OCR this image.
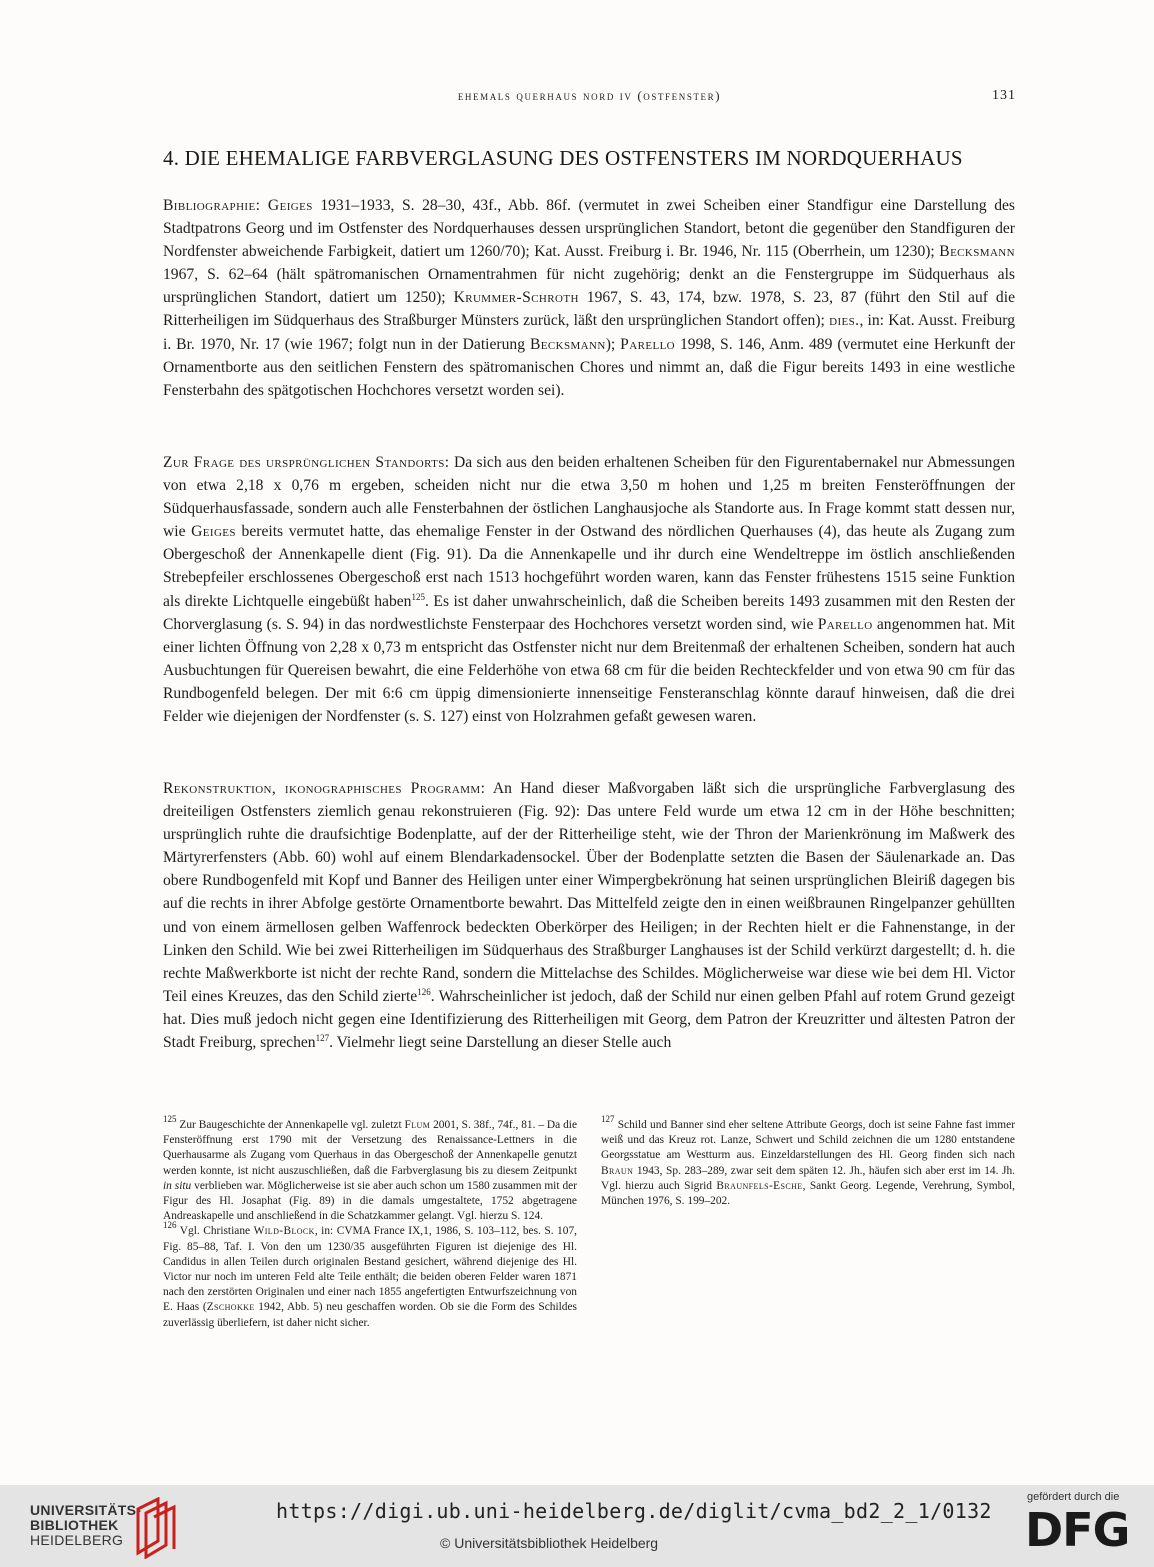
ehemals querhaus nord iv (ostfenster)	131
4. DIE EHEMALIGE FARBVERGLASUNG DES OSTFENSTERS IM NORDQUERHAUS

Bibliographie: Geiges 1931–1933, S. 28–30, 43f., Abb. 86f. (vermutet in zwei Scheiben einer Standfigur eine Darstellung des Stadtpatrons Georg und im Ostfenster des Nordquerhauses dessen ursprünglichen Standort, betont die gegenüber den Standfiguren der Nordfenster abweichende Farbigkeit, datiert um 1260/70); Kat. Ausst. Freiburg i. Br. 1946, Nr. 115 (Oberrhein, um 1230); Becksmann 1967, S. 62–64 (hält spätromanischen Ornamentrahmen für nicht zugehörig; denkt an die Fenstergruppe im Südquerhaus als ursprünglichen Standort, datiert um 1250); Krummer-Schroth 1967, S. 43, 174, bzw. 1978, S. 23, 87 (führt den Stil auf die Ritterheiligen im Südquerhaus des Straßburger Münsters zurück, läßt den ursprünglichen Standort offen); dies., in: Kat. Ausst. Freiburg i. Br. 1970, Nr. 17 (wie 1967; folgt nun in der Datierung Becksmann); Parello 1998, S. 146, Anm. 489 (vermutet eine Herkunft der Ornamentborte aus den seitlichen Fenstern des spätromanischen Chores und nimmt an, daß die Figur bereits 1493 in eine westliche Fensterbahn des spätgotischen Hochchores versetzt worden sei).

Zur Frage des ursprünglichen Standorts: Da sich aus den beiden erhaltenen Scheiben für den Figurentabernakel nur Abmessungen von etwa 2,18 x 0,76 m ergeben, scheiden nicht nur die etwa 3,50 m hohen und 1,25 m breiten Fensteröffnungen der Südquerhausfassade, sondern auch alle Fensterbahnen der östlichen Langhausjoche als Standorte aus. In Frage kommt statt dessen nur, wie Geiges bereits vermutet hatte, das ehemalige Fenster in der Ostwand des nördlichen Querhauses (4), das heute als Zugang zum Obergeschoß der Annenkapelle dient (Fig. 91). Da die Annenkapelle und ihr durch eine Wendeltreppe im östlich anschließenden Strebepfeiler erschlossenes Obergeschoß erst nach 1513 hochgeführt worden waren, kann das Fenster frühestens 1515 seine Funktion als direkte Lichtquelle eingebüßt haben$^{125}$. Es ist daher unwahrscheinlich, daß die Scheiben bereits 1493 zusammen mit den Resten der Chorverglasung (s. S. 94) in das nordwestlichste Fensterpaar des Hochchores versetzt worden sind, wie Parello angenommen hat. Mit einer lichten Öffnung von 2,28 x 0,73 m entspricht das Ostfenster nicht nur dem Breitenmaß der erhaltenen Scheiben, sondern hat auch Ausbuchtungen für Quereisen bewahrt, die eine Felderhöhe von etwa 68 cm für die beiden Rechteckfelder und von etwa 90 cm für das Rundbogenfeld belegen. Der mit 6:6 cm üppig dimensionierte innenseitige Fensteranschlag könnte darauf hinweisen, daß die drei Felder wie diejenigen der Nordfenster (s. S. 127) einst von Holzrahmen gefaßt gewesen waren.

Rekonstruktion, ikonographisches Programm: An Hand dieser Maßvorgaben läßt sich die ursprüngliche Farbverglasung des dreiteiligen Ostfensters ziemlich genau rekonstruieren (Fig. 92): Das untere Feld wurde um etwa 12 cm in der Höhe beschnitten; ursprünglich ruhte die draufsichtige Bodenplatte, auf der der Ritterheilige steht, wie der Thron der Marienkrönung im Maßwerk des Märtyrerfensters (Abb. 60) wohl auf einem Blendarkadensockel. Über der Bodenplatte setzten die Basen der Säulenarkade an. Das obere Rundbogenfeld mit Kopf und Banner des Heiligen unter einer Wimpergbekrönung hat seinen ursprünglichen Bleiriß dagegen bis auf die rechts in ihrer Abfolge gestörte Ornamentborte bewahrt. Das Mittelfeld zeigte den in einen weißbraunen Ringelpanzer gehüllten und von einem ärmellosen gelben Waffenrock bedeckten Oberkörper des Heiligen; in der Rechten hielt er die Fahnenstange, in der Linken den Schild. Wie bei zwei Ritterheiligen im Südquerhaus des Straßburger Langhauses ist der Schild verkürzt dargestellt; d. h. die rechte Maßwerkborte ist nicht der rechte Rand, sondern die Mittelachse des Schildes. Möglicherweise war diese wie bei dem Hl. Victor Teil eines Kreuzes, das den Schild zierte$^{126}$. Wahrscheinlicher ist jedoch, daß der Schild nur einen gelben Pfahl auf rotem Grund gezeigt hat. Dies muß jedoch nicht gegen eine Identifizierung des Ritterheiligen mit Georg, dem Patron der Kreuzritter und ältesten Patron der Stadt Freiburg, sprechen$^{127}$. Vielmehr liegt seine Darstellung an dieser Stelle auch

$^{125}$ Zur Baugeschichte der Annenkapelle vgl. zuletzt Flum 2001, S. 38f., 74f., 81. – Da die Fensteröffnung erst 1790 mit der Versetzung des Renaissance-Lettners in die Querhausarme als Zugang vom Querhaus in das Obergeschoß der Annenkapelle genutzt werden konnte, ist nicht auszuschließen, daß die Farbverglasung bis zu diesem Zeitpunkt in situ verblieben war. Möglicherweise ist sie aber auch schon um 1580 zusammen mit der Figur des Hl. Josaphat (Fig. 89) in die damals umgestaltete, 1752 abgetragene Andreaskapelle und anschließend in die Schatzkammer gelangt. Vgl. hierzu S. 124.

$^{126}$ Vgl. Christiane Wild-Block, in: CVMA France IX,1, 1986, S. 103–112, bes. S. 107, Fig. 85–88, Taf. I. Von den um 1230/35 ausgeführten Figuren ist diejenige des Hl. Candidus in allen Teilen durch originalen Bestand gesichert, während diejenige des Hl. Victor nur noch im unteren Feld alte Teile enthält; die beiden oberen Felder waren 1871 nach den zerstörten Originalen und einer nach 1855 angefertigten Entwurfszeichnung von E. Haas (Zschokke 1942, Abb. 5) neu geschaffen worden. Ob sie die Form des Schildes zuverlässig überliefern, ist daher nicht sicher.

$^{127}$ Schild und Banner sind eher seltene Attribute Georgs, doch ist seine Fahne fast immer weiß und das Kreuz rot. Lanze, Schwert und Schild zeichnen die um 1280 entstandene Georgsstatue am Westturm aus. Einzeldarstellungen des Hl. Georg finden sich nach Braun 1943, Sp. 283–289, zwar seit dem späten 12. Jh., häufen sich aber erst im 14. Jh. Vgl. hierzu auch Sigrid Braunfels-Esche, Sankt Georg. Legende, Verehrung, Symbol, München 1976, S. 199–202.

UNIVERSITÄTS-
BIBLIOTHEK
HEIDELBERG
https://digi.ub.uni-heidelberg.de/diglit/cvma_bd2_2_1/0132
© Universitätsbibliothek Heidelberg
gefördert durch die
DFG
